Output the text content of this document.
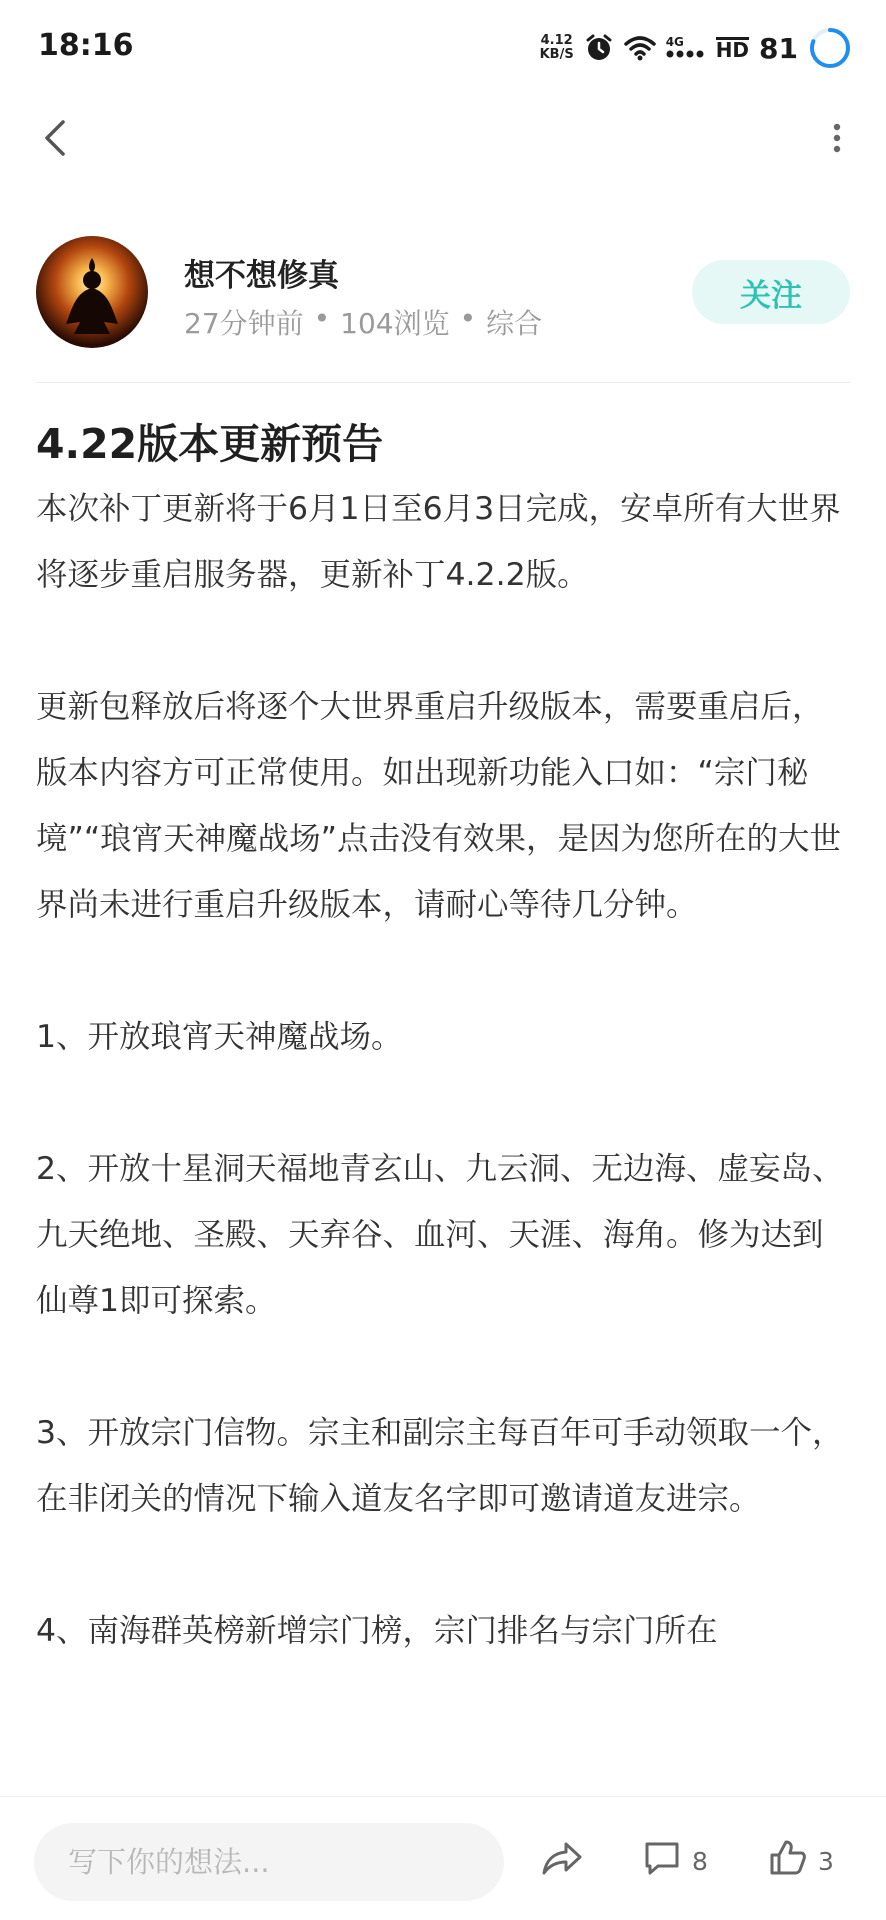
18:16	4.12
KB/S
4G HD 81
想不想修真
27分钟前 • 104浏览 • 综合
关注
4.22版本更新预告

本次补丁更新将于6月1日至6月3日完成，安卓所有大世界将逐步重启服务器，更新补丁4.2.2版。

更新包释放后将逐个大世界重启升级版本，需要重启后，版本内容方可正常使用。如出现新功能入口如：“宗门秘境”“琅宵天神魔战场”点击没有效果，是因为您所在的大世界尚未进行重启升级版本，请耐心等待几分钟。

1、开放琅宵天神魔战场。

2、开放十星洞天福地青玄山、九云洞、无边海、虚妄岛、九天绝地、圣殿、天弃谷、血河、天涯、海角。修为达到仙尊1即可探索。

3、开放宗门信物。宗主和副宗主每百年可手动领取一个，在非闭关的情况下输入道友名字即可邀请道友进宗。

4、南海群英榜新增宗门榜，宗门排名与宗门所在

写下你的想法...
8	3
